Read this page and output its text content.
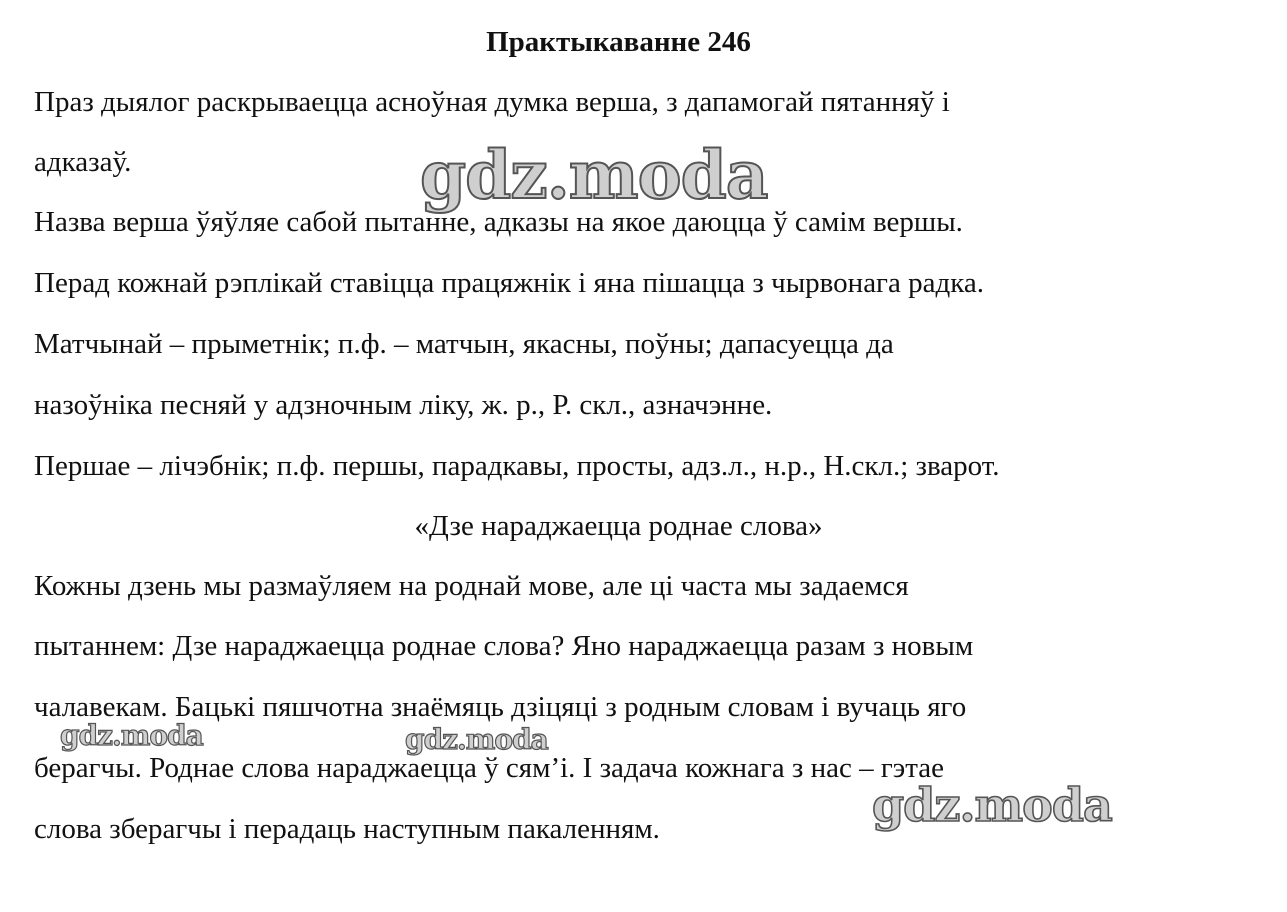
Практыкаванне 246
Праз дыялог раскрываецца асноўная думка верша, з дапамогай пятанняў і
адказаў.
Назва верша ўяўляе сабой пытанне, адказы на якое даюцца ў самім вершы.
Перад кожнай рэплікай ставіцца працяжнік і яна пішацца з чырвонага радка.
Матчынай – прыметнік; п.ф. – матчын, якасны, поўны; дапасуецца да
назоўніка песняй у адзночным ліку, ж. р., Р. скл., азначэнне.
Першае – лічэбнік; п.ф. першы, парадкавы, просты, адз.л., н.р., Н.скл.; зварот.
«Дзе нараджаецца роднае слова»
Кожны дзень мы размаўляем на роднай мове, але ці часта мы задаемся
пытаннем: Дзе нараджаецца роднае слова? Яно нараджаецца разам з новым
чалавекам. Бацькі пяшчотна знаёмяць дзіцяці з родным словам і вучаць яго
берагчы. Роднае слова нараджаецца ў сям’і. І задача кожнага з нас – гэтае
слова зберагчы і перадаць наступным пакаленням.
gdz.moda
gdz.moda	gdz.moda
gdz.moda
